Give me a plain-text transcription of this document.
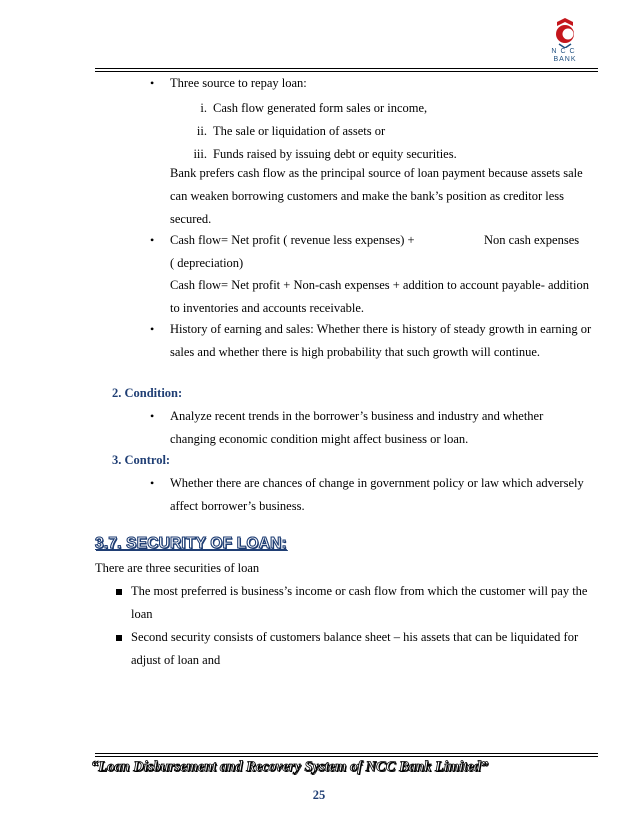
NCC
BANK
• Three source to repay loan:
i. Cash flow generated form sales or income,
ii. The sale or liquidation of assets or
iii. Funds raised by issuing debt or equity securities.
Bank prefers cash flow as the principal source of loan payment because assets sale
can weaken borrowing customers and make the bank’s position as creditor less
secured.
• Cash flow= Net profit ( revenue less expenses) +	Non cash expenses
( depreciation)
Cash flow= Net profit + Non-cash expenses + addition to account payable- addition
to inventories and accounts receivable.
• History of earning and sales: Whether there is history of steady growth in earning or
sales and whether there is high probability that such growth will continue.
2. Condition:
• Analyze recent trends in the borrower’s business and industry and whether
changing economic condition might affect business or loan.
3. Control:
• Whether there are chances of change in government policy or law which adversely
affect borrower’s business.
3.7. SECURITY OF LOAN:
There are three securities of loan
The most preferred is business’s income or cash flow from which the customer will pay the
loan
Second security consists of customers balance sheet – his assets that can be liquidated for
adjust of loan and
“Loan Disbursement and Recovery System of NCC Bank Limited”
25
